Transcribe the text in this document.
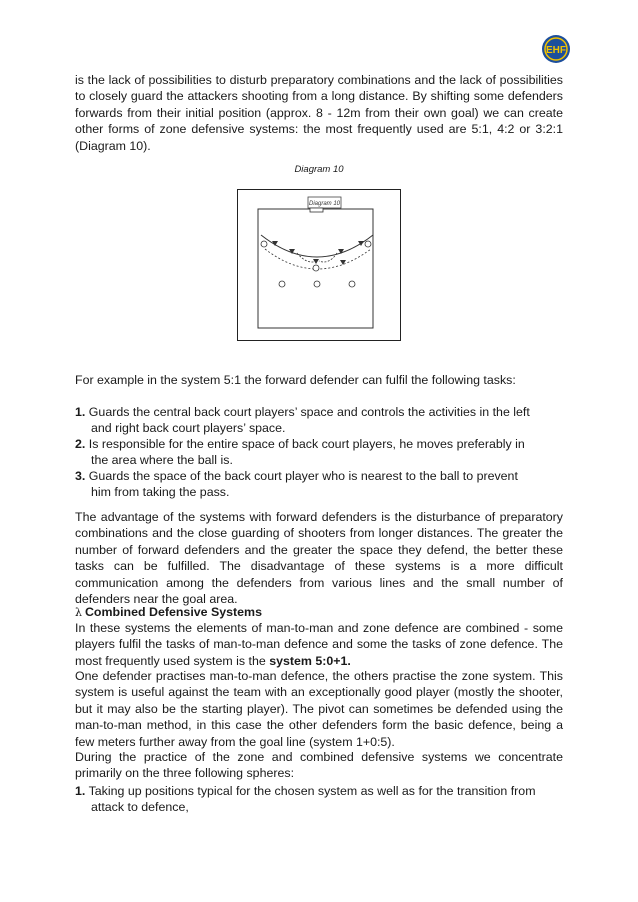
EHF

is the lack of possibilities to disturb preparatory combinations and the lack of possibilities to closely guard the attackers shooting from a long distance. By shifting some defenders forwards from their initial position (approx. 8 - 12m from their own goal) we can create other forms of zone defensive systems: the most frequently used are 5:1, 4:2 or 3:2:1 (Diagram 10).

Diagram 10

Diagram 10

For example in the system 5:1 the forward defender can fulfil the following tasks:

1. Guards the central back court players’ space and controls the activities in the left

and right back court players’ space.

2. Is responsible for the entire space of back court players, he moves preferably in

the area where the ball is.

3. Guards the space of the back court player who is nearest to the ball to prevent

him from taking the pass.

The advantage of the systems with forward defenders is the disturbance of preparatory combinations and the close guarding of shooters from longer distances. The greater the number of forward defenders and the greater the space they defend, the better these tasks can be fulfilled. The disadvantage of these systems is a more difficult communication among the defenders from various lines and the small number of defenders near the goal area.

λ Combined Defensive Systems

In these systems the elements of man-to-man and zone defence are combined - some players fulfil the tasks of man-to-man defence and some the tasks of zone defence. The most frequently used system is the system 5:0+1.

One defender practises man-to-man defence, the others practise the zone system. This system is useful against the team with an exceptionally good player (mostly the shooter, but it may also be the starting player). The pivot can sometimes be defended using the man-to-man method, in this case the other defenders form the basic defence, being a few meters further away from the goal line (system 1+0:5).

During the practice of the zone and combined defensive systems we concentrate primarily on the three following spheres:

1. Taking up positions typical for the chosen system as well as for the transition from

attack to defence,
